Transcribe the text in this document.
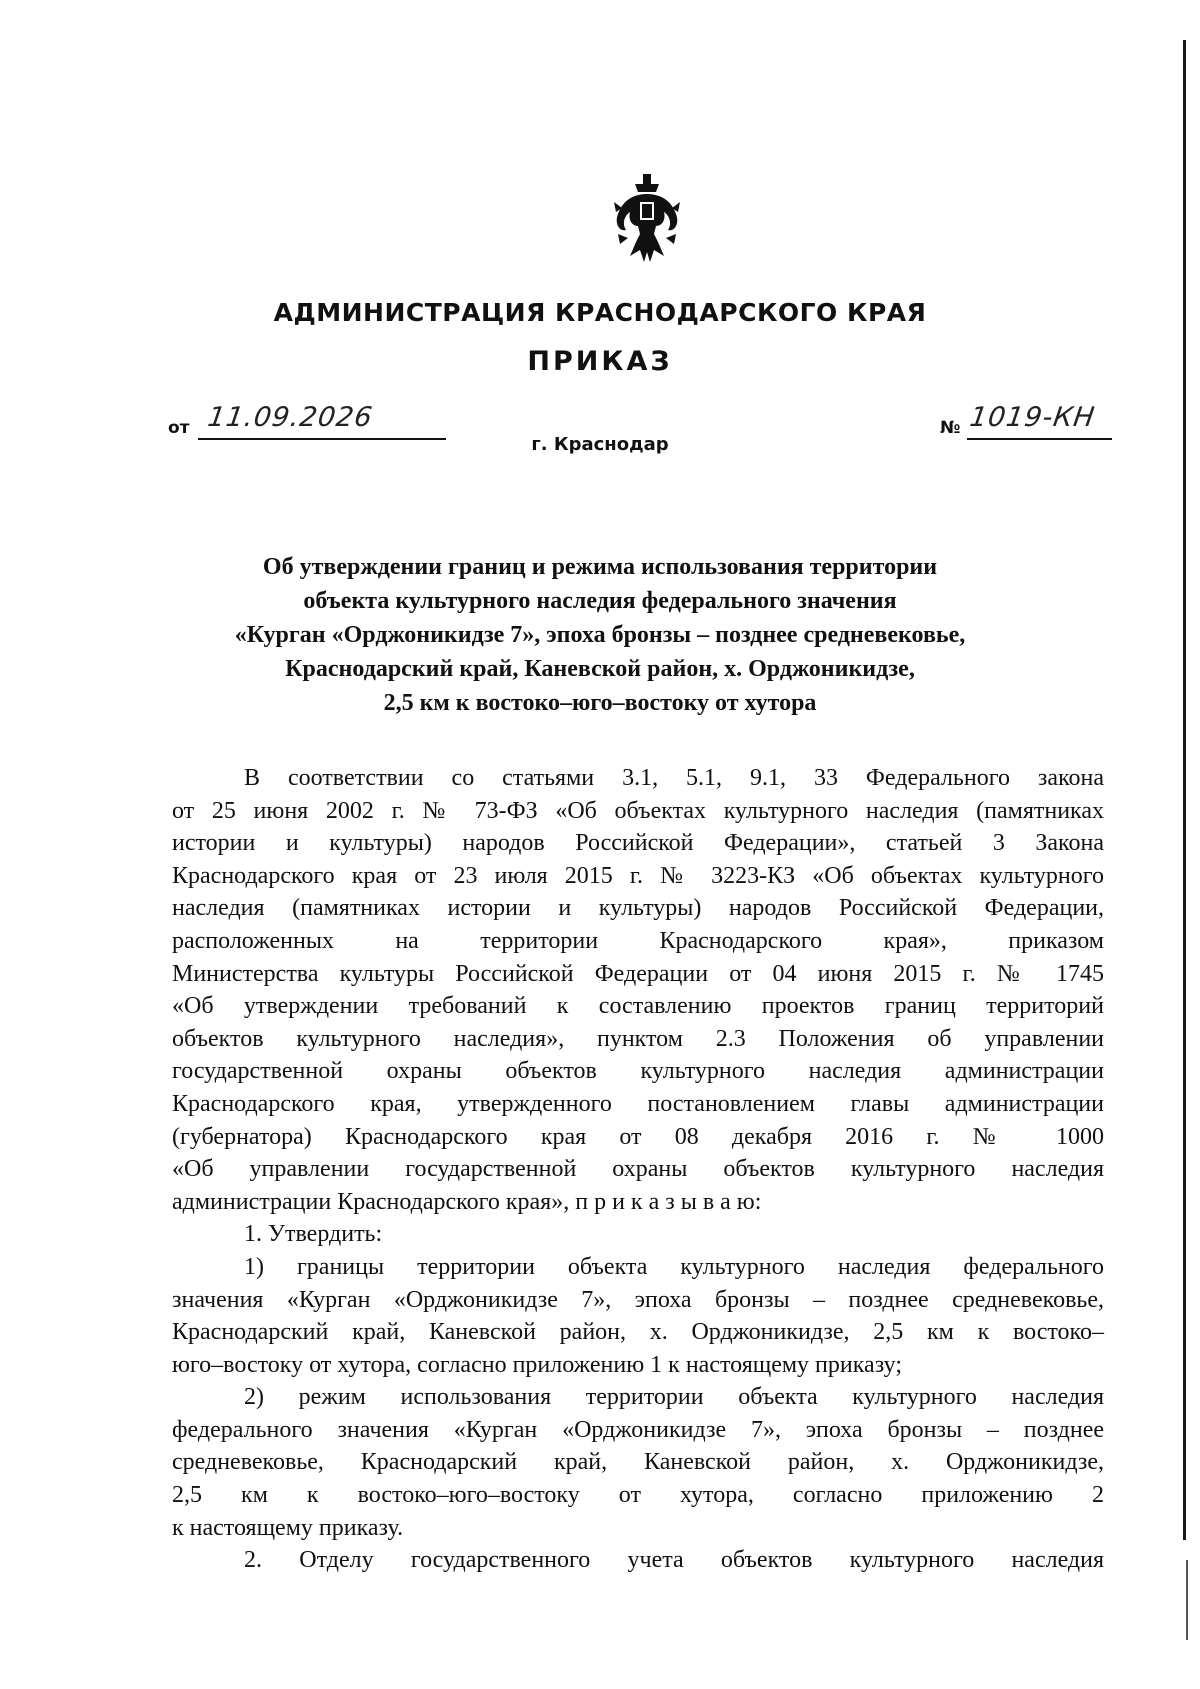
АДМИНИСТРАЦИЯ КРАСНОДАРСКОГО КРАЯ
ПРИКАЗ
от 11.09.2026
г. Краснодар
№ 1019-КН
Об утверждении границ и режима использования территории
объекта культурного наследия федерального значения
«Курган «Орджоникидзе 7», эпоха бронзы – позднее средневековье,
Краснодарский край, Каневской район, х. Орджоникидзе,
2,5 км к востоко–юго–востоку от хутора
В соответствии со статьями 3.1, 5.1, 9.1, 33 Федерального закона
от 25 июня 2002 г. № 73-ФЗ «Об объектах культурного наследия (памятниках
истории и культуры) народов Российской Федерации», статьей 3 Закона
Краснодарского края от 23 июля 2015 г. № 3223-КЗ «Об объектах культурного
наследия (памятниках истории и культуры) народов Российской Федерации,
расположенных на территории Краснодарского края», приказом
Министерства культуры Российской Федерации от 04 июня 2015 г. № 1745
«Об утверждении требований к составлению проектов границ территорий
объектов культурного наследия», пунктом 2.3 Положения об управлении
государственной охраны объектов культурного наследия администрации
Краснодарского края, утвержденного постановлением главы администрации
(губернатора) Краснодарского края от 08 декабря 2016 г. № 1000
«Об управлении государственной охраны объектов культурного наследия
администрации Краснодарского края», п р и к а з ы в а ю:
1. Утвердить:
1) границы территории объекта культурного наследия федерального
значения «Курган «Орджоникидзе 7», эпоха бронзы – позднее средневековье,
Краснодарский край, Каневской район, х. Орджоникидзе, 2,5 км к востоко–
юго–востоку от хутора, согласно приложению 1 к настоящему приказу;
2) режим использования территории объекта культурного наследия
федерального значения «Курган «Орджоникидзе 7», эпоха бронзы – позднее
средневековье, Краснодарский край, Каневской район, х. Орджоникидзе,
2,5 км к востоко–юго–востоку от хутора, согласно приложению 2
к настоящему приказу.
2. Отделу государственного учета объектов культурного наследия
